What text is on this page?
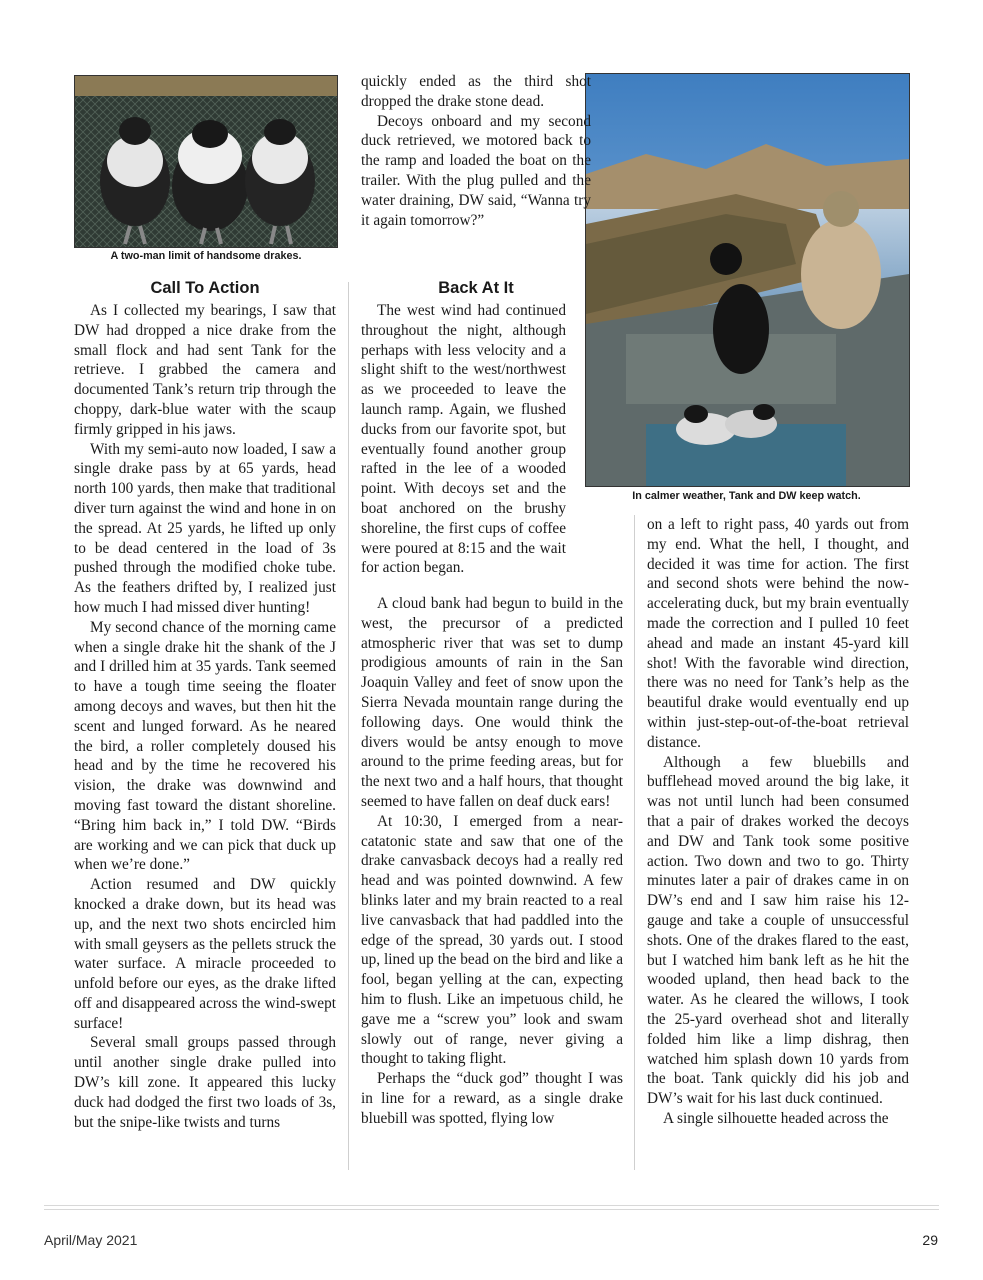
A two-man limit of handsome drakes.
In calmer weather, Tank and DW keep watch.
Call To Action

As I collected my bearings, I saw that DW had dropped a nice drake from the small flock and had sent Tank for the retrieve. I grabbed the camera and documented Tank’s return trip through the choppy, dark-blue water with the scaup firmly gripped in his jaws.

With my semi-auto now loaded, I saw a single drake pass by at 65 yards, head north 100 yards, then make that traditional diver turn against the wind and hone in on the spread. At 25 yards, he lifted up only to be dead centered in the load of 3s pushed through the modified choke tube. As the feathers drifted by, I realized just how much I had missed diver hunting!

My second chance of the morning came when a single drake hit the shank of the J and I drilled him at 35 yards. Tank seemed to have a tough time seeing the floater among decoys and waves, but then hit the scent and lunged forward. As he neared the bird, a roller completely doused his head and by the time he recovered his vision, the drake was downwind and moving fast toward the distant shoreline. “Bring him back in,” I told DW. “Birds are working and we can pick that duck up when we’re done.”

Action resumed and DW quickly knocked a drake down, but its head was up, and the next two shots encircled him with small geysers as the pellets struck the water surface. A miracle proceeded to unfold before our eyes, as the drake lifted off and disappeared across the wind-swept surface!

Several small groups passed through until another single drake pulled into DW’s kill zone. It appeared this lucky duck had dodged the first two loads of 3s, but the snipe-like twists and turns

quickly ended as the third shot dropped the drake stone dead.

Decoys onboard and my second duck retrieved, we motored back to the ramp and loaded the boat on the trailer. With the plug pulled and the water draining, DW said, “Wanna try it again tomorrow?”

Back At It

The west wind had continued throughout the night, although perhaps with less velocity and a slight shift to the west/northwest as we proceeded to leave the launch ramp. Again, we flushed ducks from our favorite spot, but eventually found another group rafted in the lee of a wooded point. With decoys set and the boat anchored on the brushy shoreline, the first cups of coffee were poured at 8:15 and the wait for action began.

A cloud bank had begun to build in the west, the precursor of a predicted atmospheric river that was set to dump prodigious amounts of rain in the San Joaquin Valley and feet of snow upon the Sierra Nevada mountain range during the following days. One would think the divers would be antsy enough to move around to the prime feeding areas, but for the next two and a half hours, that thought seemed to have fallen on deaf duck ears!

At 10:30, I emerged from a near-catatonic state and saw that one of the drake canvasback decoys had a really red head and was pointed downwind. A few blinks later and my brain reacted to a real live canvasback that had paddled into the edge of the spread, 30 yards out. I stood up, lined up the bead on the bird and like a fool, began yelling at the can, expecting him to flush. Like an impetuous child, he gave me a “screw you” look and swam slowly out of range, never giving a thought to taking flight.

Perhaps the “duck god” thought I was in line for a reward, as a single drake bluebill was spotted, flying low

on a left to right pass, 40 yards out from my end. What the hell, I thought, and decided it was time for action. The first and second shots were behind the now-accelerating duck, but my brain eventually made the correction and I pulled 10 feet ahead and made an instant 45-yard kill shot! With the favorable wind direction, there was no need for Tank’s help as the beautiful drake would eventually end up within just-step-out-of-the-boat retrieval distance.

Although a few bluebills and bufflehead moved around the big lake, it was not until lunch had been consumed that a pair of drakes worked the decoys and DW and Tank took some positive action. Two down and two to go. Thirty minutes later a pair of drakes came in on DW’s end and I saw him raise his 12-gauge and take a couple of unsuccessful shots. One of the drakes flared to the east, but I watched him bank left as he hit the wooded upland, then head back to the water. As he cleared the willows, I took the 25-yard overhead shot and literally folded him like a limp dishrag, then watched him splash down 10 yards from the boat. Tank quickly did his job and DW’s wait for his last duck continued.

A single silhouette headed across the

April/May 2021	29
